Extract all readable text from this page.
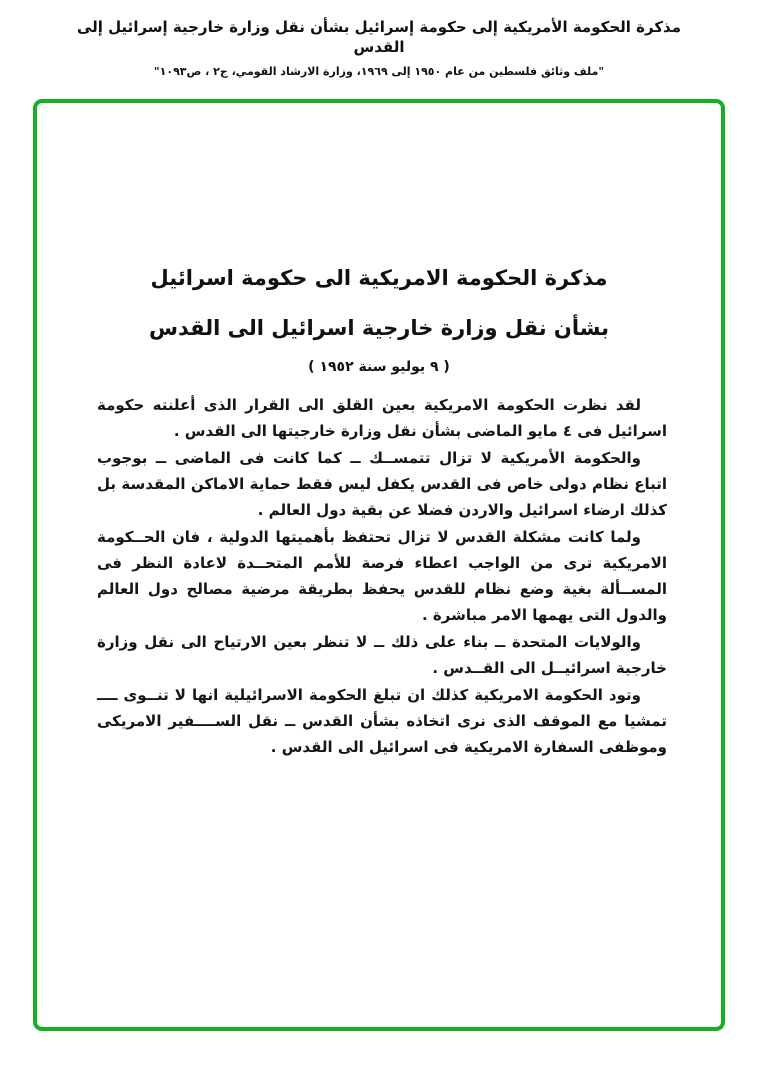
مذكرة الحكومة الأمريكية إلى حكومة إسرائيل بشأن نقل وزارة خارجية إسرائيل إلى القدس
"ملف وثائق فلسطين من عام ١٩٥٠ إلى ١٩٦٩، وزارة الارشاد القومي، ج٢ ، ص١٠٩٣"
مذكرة الحكومة الامريكية الى حكومة اسرائيل
بشأن نقل وزارة خارجية اسرائيل الى القدس
( ٩ يوليو سنة ١٩٥٢ )

لقد نظرت الحكومة الامريكية بعين القلق الى القرار الذى أعلنته حكومة اسرائيل فى ٤ مايو الماضى بشأن نقل وزارة خارجيتها الى القدس .

والحكومة الأمريكية لا تزال تتمســك ــ كما كانت فى الماضى ــ بوجوب اتباع نظام دولى خاص فى القدس يكفل ليس فقط حماية الاماكن المقدسة بل كذلك ارضاء اسرائيل والاردن فضلا عن بقية دول العالم .

ولما كانت مشكلة القدس لا تزال تحتفظ بأهميتها الدولية ، فان الحــكومة الامريكية ترى من الواجب اعطاء فرصة للأمم المتحــدة لاعادة النظر فى المســألة بغية وضع نظام للقدس يحفظ بطريقة مرضية مصالح دول العالم والدول التى يهمها الامر مباشرة .

والولايات المتحدة ــ بناء على ذلك ــ لا تنظر بعين الارتياح الى نقل وزارة خارجية اسرائيــل الى القــدس .

وتود الحكومة الامريكية كذلك ان تبلغ الحكومة الاسرائيلية انها لا تنــوى ــــ تمشيا مع الموقف الذى نرى اتخاذه بشأن القدس ــ نقل الســــفير الامريكى وموظفى السفارة الامريكية فى اسرائيل الى القدس .
